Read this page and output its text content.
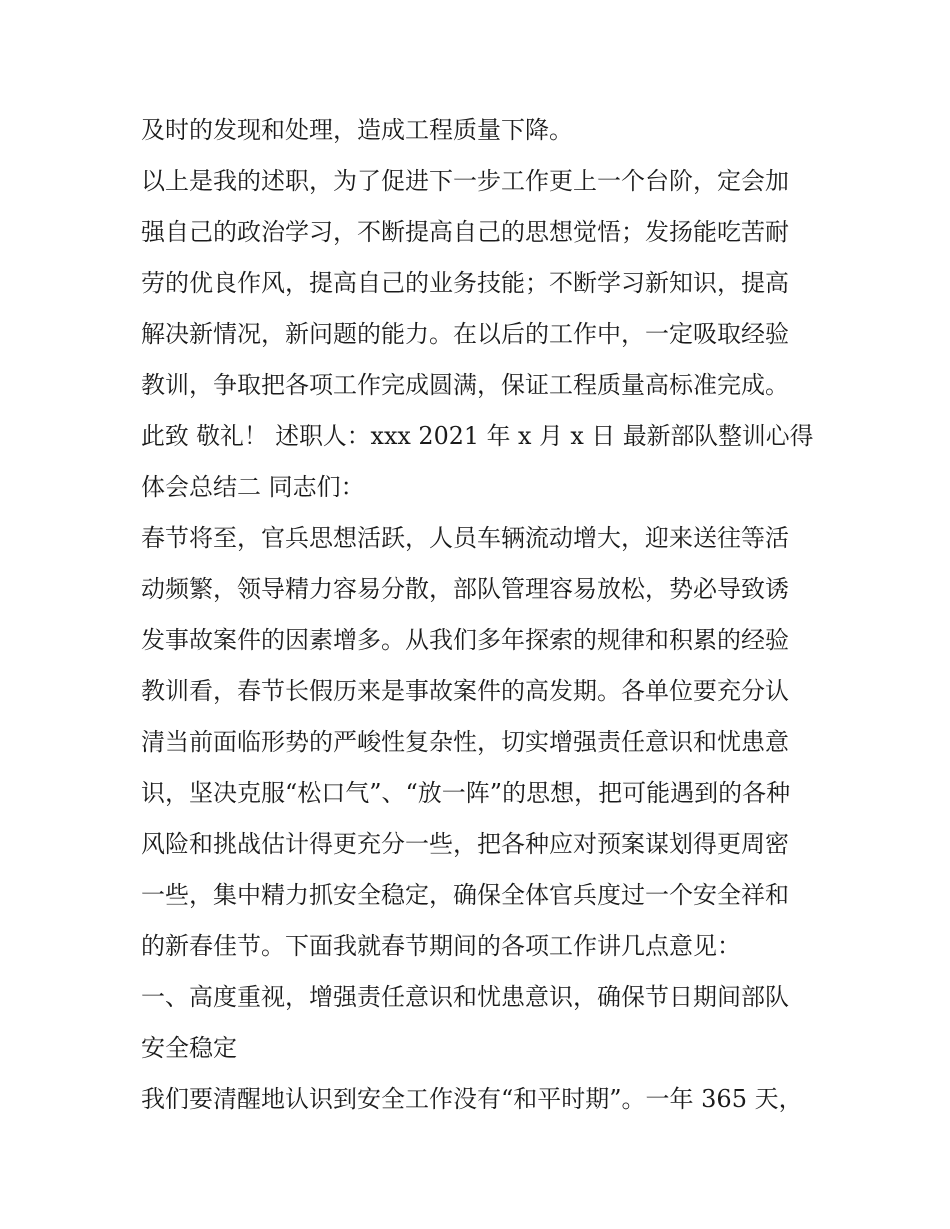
及时的发现和处理，造成工程质量下降。
以上是我的述职，为了促进下一步工作更上一个台阶，定会加
强自己的政治学习，不断提高自己的思想觉悟；发扬能吃苦耐
劳的优良作风，提高自己的业务技能；不断学习新知识，提高
解决新情况，新问题的能力。在以后的工作中，一定吸取经验
教训，争取把各项工作完成圆满，保证工程质量高标准完成。
此致 敬礼！ 述职人：xxx 2021 年 x 月 x 日 最新部队整训心得
体会总结二 同志们：
春节将至，官兵思想活跃，人员车辆流动增大，迎来送往等活
动频繁，领导精力容易分散，部队管理容易放松，势必导致诱
发事故案件的因素增多。从我们多年探索的规律和积累的经验
教训看，春节长假历来是事故案件的高发期。各单位要充分认
清当前面临形势的严峻性复杂性，切实增强责任意识和忧患意
识，坚决克服“松口气”、“放一阵”的思想，把可能遇到的各种
风险和挑战估计得更充分一些，把各种应对预案谋划得更周密
一些，集中精力抓安全稳定，确保全体官兵度过一个安全祥和
的新春佳节。下面我就春节期间的各项工作讲几点意见：
一、高度重视，增强责任意识和忧患意识，确保节日期间部队
安全稳定
我们要清醒地认识到安全工作没有“和平时期”。一年 365 天，
